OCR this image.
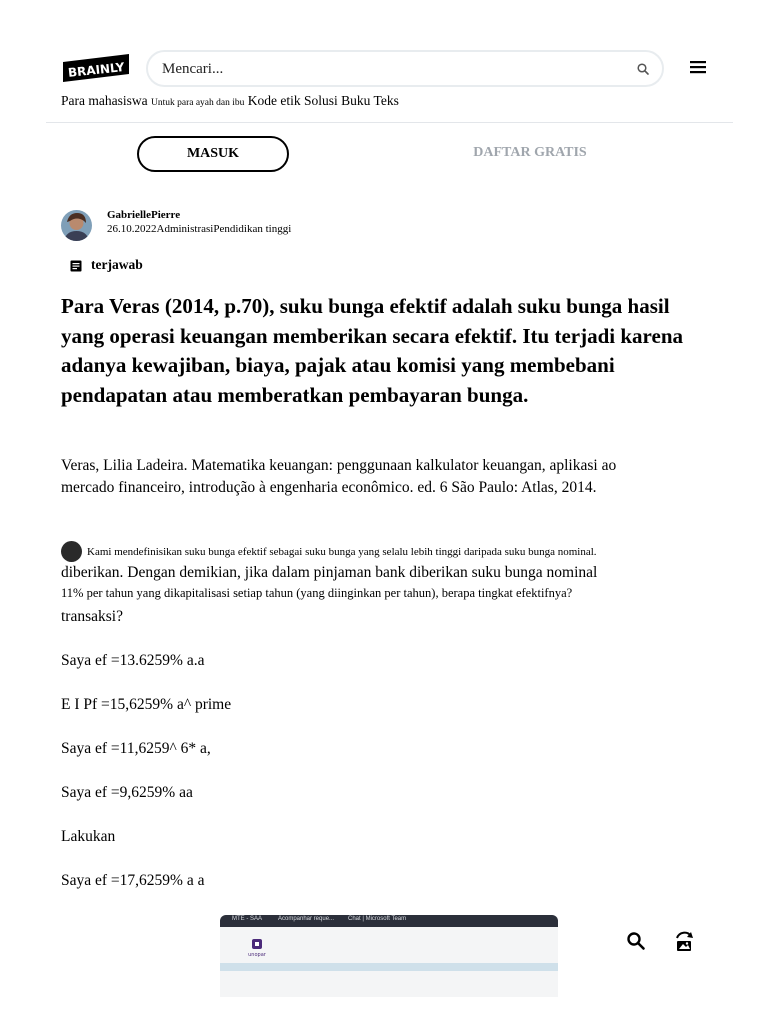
BRAINLY
Mencari...
Para mahasiswa Untuk para ayah dan ibu Kode etik Solusi Buku Teks
MASUK	DAFTAR GRATIS
GabriellePierre
26.10.2022AdministrasiPendidikan tinggi
terjawab
Para Veras (2014, p.70), suku bunga efektif adalah suku bunga hasil yang operasi keuangan memberikan secara efektif. Itu terjadi karena adanya kewajiban, biaya, pajak atau komisi yang membebani pendapatan atau memberatkan pembayaran bunga.

Veras, Lilia Ladeira. Matematika keuangan: penggunaan kalkulator keuangan, aplikasi ao mercado financeiro, introdução à engenharia econômico. ed. 6 São Paulo: Atlas, 2014.

Kami mendefinisikan suku bunga efektif sebagai suku bunga yang selalu lebih tinggi daripada suku bunga nominal.

diberikan. Dengan demikian, jika dalam pinjaman bank diberikan suku bunga nominal

11% per tahun yang dikapitalisasi setiap tahun (yang diinginkan per tahun), berapa tingkat efektifnya?

transaksi?

Saya ef =13.6259% a.a

E I Pf =15,6259% a^ prime

Saya ef =11,6259^ 6* a,

Saya ef =9,6259% aa

Lakukan

Saya ef =17,6259% a a

MTE - SAA	Acompanhar reque... Chat | Microsoft Team
unopar
